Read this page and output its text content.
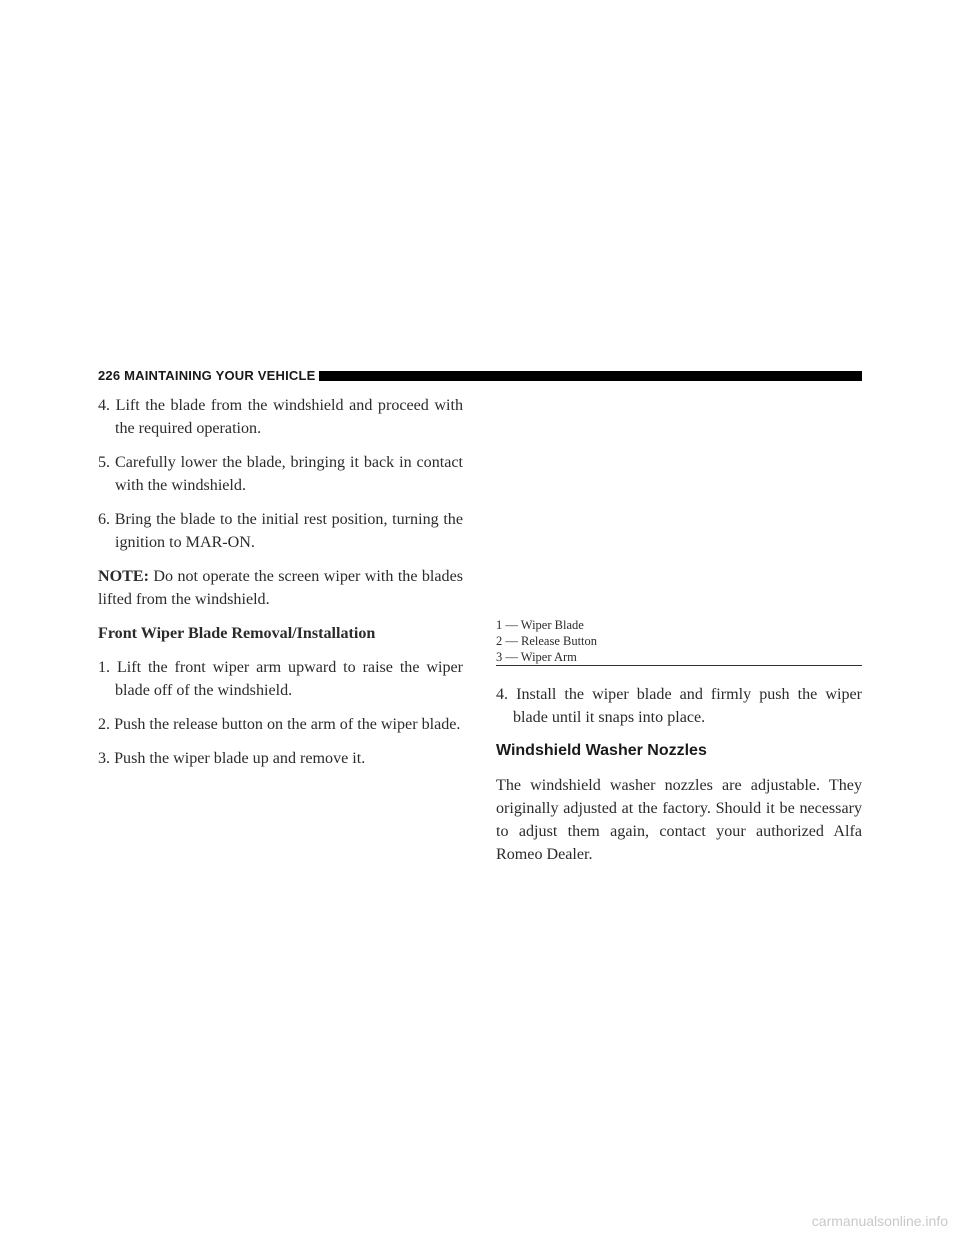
226 MAINTAINING YOUR VEHICLE

4. Lift the blade from the windshield and proceed with the required operation.

5. Carefully lower the blade, bringing it back in contact with the windshield.

6. Bring the blade to the initial rest position, turning the ignition to MAR-ON.

NOTE: Do not operate the screen wiper with the blades lifted from the windshield.

Front Wiper Blade Removal/Installation

1. Lift the front wiper arm upward to raise the wiper blade off of the windshield.

2. Push the release button on the arm of the wiper blade.

3. Push the wiper blade up and remove it.

1 — Wiper Blade
2 — Release Button
3 — Wiper Arm

4. Install the wiper blade and firmly push the wiper blade until it snaps into place.

Windshield Washer Nozzles

The windshield washer nozzles are adjustable. They originally adjusted at the factory. Should it be necessary to adjust them again, contact your authorized Alfa Romeo Dealer.

carmanualsonline.info
